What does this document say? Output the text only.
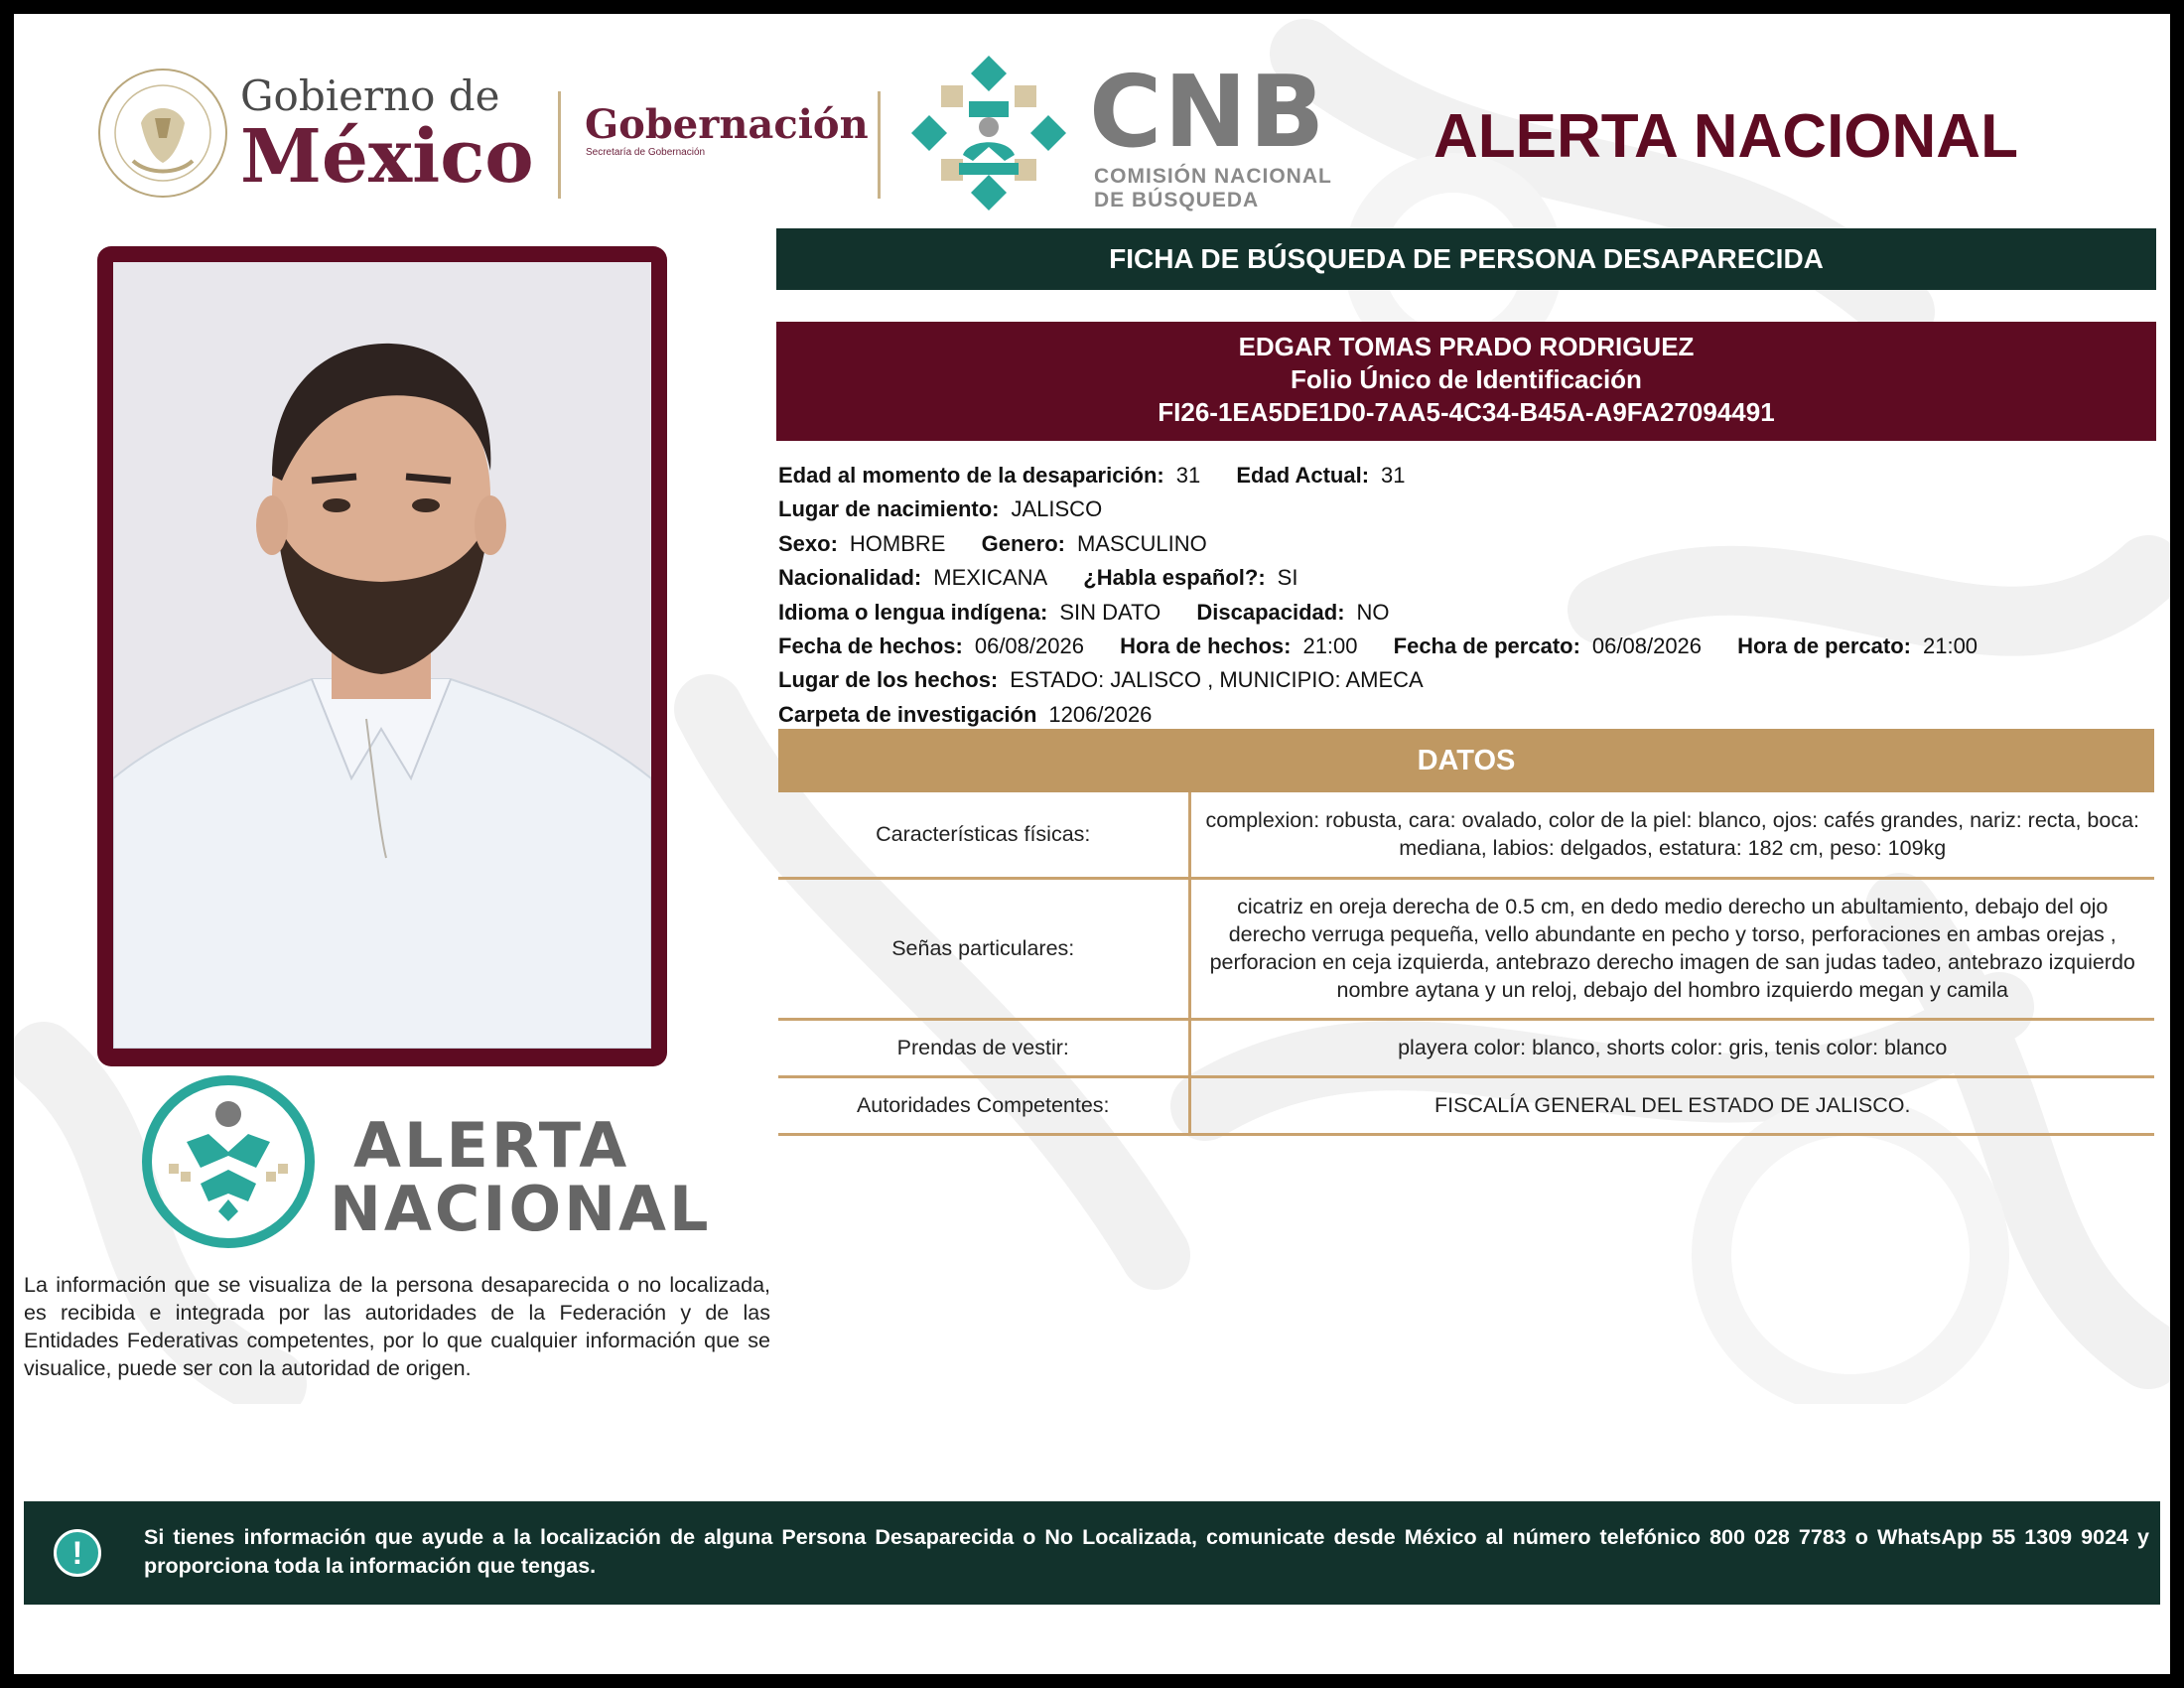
Gobierno de
México Gobernación
Secretaría de Gobernación	CNB
COMISIÓN NACIONAL
DE BÚSQUEDA
ALERTA NACIONAL
ALERTA
NACIONAL
La información que se visualiza de la persona desaparecida o no localizada, es recibida e integrada por las autoridades de la Federación y de las Entidades Federativas competentes, por lo que cualquier información que se visualice, puede ser con la autoridad de origen.
FICHA DE BÚSQUEDA DE PERSONA DESAPARECIDA
EDGAR TOMAS PRADO RODRIGUEZ
Folio Único de Identificación
FI26-1EA5DE1D0-7AA5-4C34-B45A-A9FA27094491
Edad al momento de la desaparición: 31 Edad Actual: 31
Lugar de nacimiento: JALISCO
Sexo: HOMBRE Genero: MASCULINO
Nacionalidad: MEXICANA ¿Habla español?: SI
Idioma o lengua indígena: SIN DATO Discapacidad: NO
Fecha de hechos: 06/08/2026 Hora de hechos: 21:00 Fecha de percato: 06/08/2026 Hora de percato: 21:00
Lugar de los hechos: ESTADO: JALISCO , MUNICIPIO: AMECA
Carpeta de investigación 1206/2026
DATOS
Características físicas:	complexion: robusta, cara: ovalado, color de la piel: blanco, ojos: cafés grandes, nariz: recta, boca: mediana, labios: delgados, estatura: 182 cm, peso: 109kg
Señas particulares:	cicatriz en oreja derecha de 0.5 cm, en dedo medio derecho un abultamiento, debajo del ojo derecho verruga pequeña, vello abundante en pecho y torso, perforaciones en ambas orejas , perforacion en ceja izquierda, antebrazo derecho imagen de san judas tadeo, antebrazo izquierdo nombre aytana y un reloj, debajo del hombro izquierdo megan y camila
Prendas de vestir:	playera color: blanco, shorts color: gris, tenis color: blanco
Autoridades Competentes:	FISCALÍA GENERAL DEL ESTADO DE JALISCO.
!	Si tienes información que ayude a la localización de alguna Persona Desaparecida o No Localizada, comunicate desde México al número telefónico 800 028 7783 o WhatsApp 55 1309 9024 y proporciona toda la información que tengas.
